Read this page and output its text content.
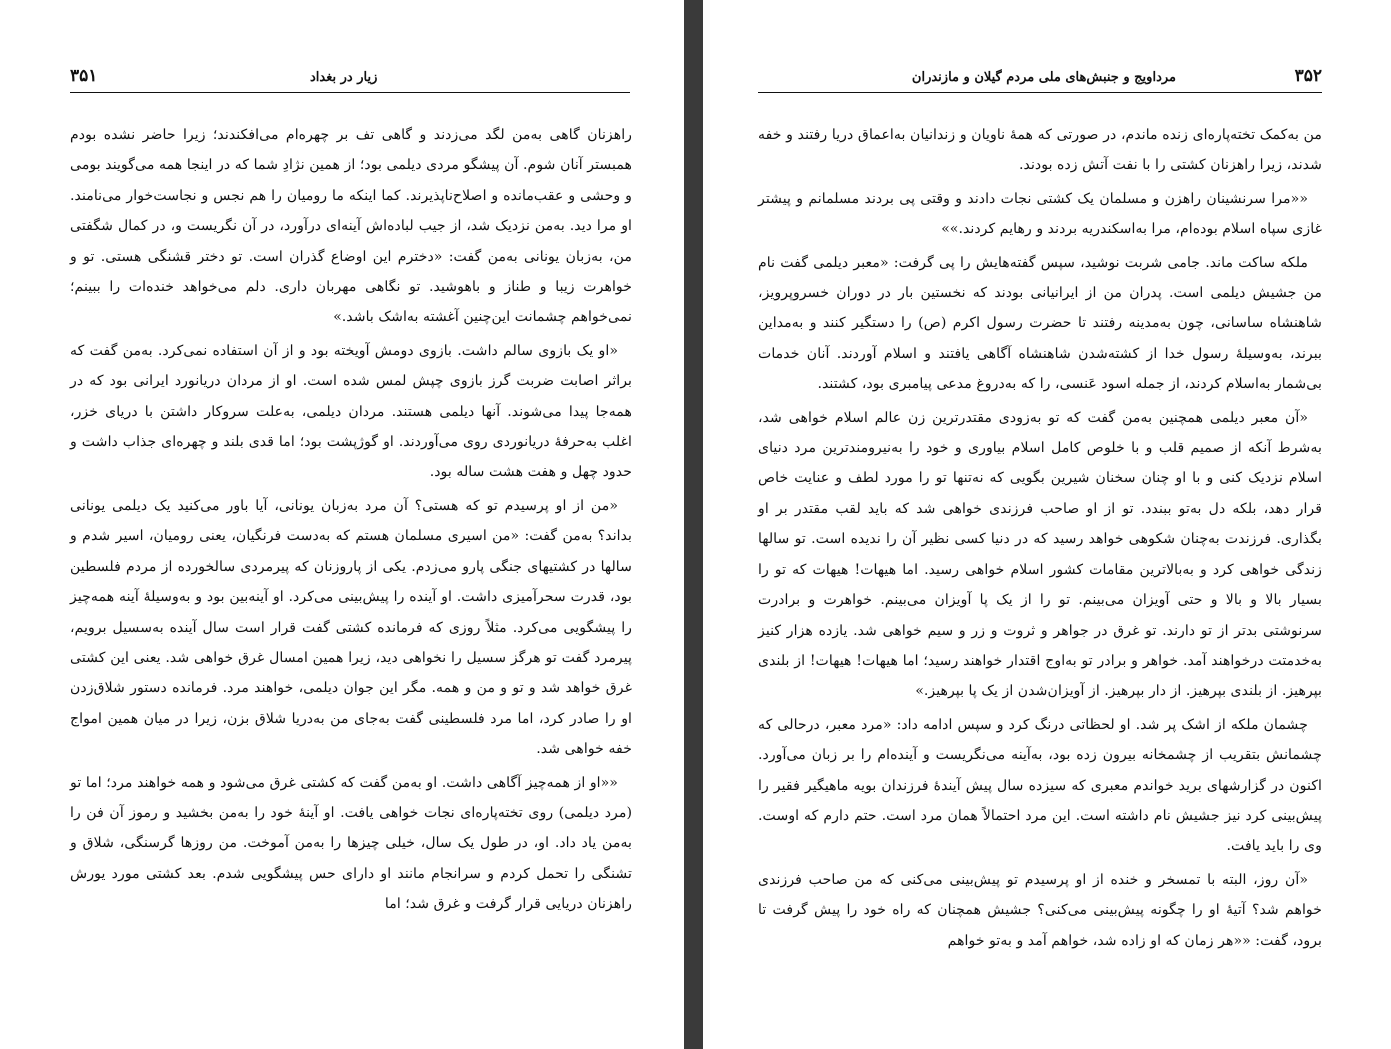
۳۵۱	زیار در بغداد

راهزنان گاهی به‌من لگد می‌زدند و گاهی تف بر چهره‌ام می‌افکندند؛ زیرا حاضر نشده بودم همبستر آنان شوم. آن پیشگو مردی دیلمی بود؛ از همین نژادِ شما که در اینجا همه می‌گویند بومی و وحشی و عقب‌مانده و اصلاح‌ناپذیرند. کما اینکه ما رومیان را هم نجس و نجاست‌خوار می‌نامند. او مرا دید. به‌من نزدیک شد، از جیب لباده‌اش آینه‌ای درآورد، در آن نگریست و، در کمال شگفتی من، به‌زبان یونانی به‌من گفت: «دخترم این اوضاع گذران است. تو دختر قشنگی هستی. تو و خواهرت زیبا و طناز و باهوشید. تو نگاهی مهربان داری. دلم می‌خواهد خنده‌ات را ببینم؛ نمی‌خواهم چشمانت این‌چنین آغشته به‌اشک باشد.»

«او یک بازوی سالم داشت. بازوی دومش آویخته بود و از آن استفاده نمی‌کرد. به‌من گفت که براثر اصابت ضربت گرز بازوی چپش لمس شده است. او از مردان دریانورد ایرانی بود که در همه‌جا پیدا می‌شوند. آنها دیلمی هستند. مردان دیلمی، به‌علت سروکار داشتن با دریای خزر، اغلب به‌حرفهٔ دریانوردی روی می‌آوردند. او گوژپشت بود؛ اما قدی بلند و چهره‌ای جذاب داشت و حدود چهل و هفت هشت ساله بود.

«من از او پرسیدم تو که هستی؟ آن مرد به‌زبان یونانی، آیا باور می‌کنید یک دیلمی یونانی بداند؟ به‌من گفت: «من اسیری مسلمان هستم که به‌دست فرنگیان، یعنی رومیان، اسیر شدم و سالها در کشتیهای جنگی پارو می‌زدم. یکی از پاروزنان که پیرمردی سالخورده از مردم فلسطین بود، قدرت سحرآمیزی داشت. او آینده را پیش‌بینی می‌کرد. او آینه‌بین بود و به‌وسیلهٔ آینه همه‌چیز را پیشگویی می‌کرد. مثلاً روزی که فرمانده کشتی گفت قرار است سال آینده به‌سسیل برویم، پیرمرد گفت تو هرگز سسیل را نخواهی دید، زیرا همین امسال غرق خواهی شد. یعنی این کشتی غرق خواهد شد و تو و من و همه. مگر این جوان دیلمی، خواهند مرد. فرمانده دستور شلاق‌زدن او را صادر کرد، اما مرد فلسطینی گفت به‌جای من به‌دریا شلاق بزن، زیرا در میان همین امواج خفه خواهی شد.

««او از همه‌چیز آگاهی داشت. او به‌من گفت که کشتی غرق می‌شود و همه خواهند مرد؛ اما تو (مرد دیلمی) روی تخته‌پاره‌ای نجات خواهی یافت. او آینهٔ خود را به‌من بخشید و رموز آن فن را به‌من یاد داد. او، در طول یک سال، خیلی چیزها را به‌من آموخت. من روزها گرسنگی، شلاق و تشنگی را تحمل کردم و سرانجام مانند او دارای حس پیشگویی شدم. بعد کشتی مورد یورش راهزنان دریایی قرار گرفت و غرق شد؛ اما

۳۵۲
مرداویج و جنبش‌های ملی مردم گیلان و مازندران

من به‌کمک تخته‌پاره‌ای زنده ماندم، در صورتی که همهٔ ناویان و زندانیان به‌اعماق دریا رفتند و خفه شدند، زیرا راهزنان کشتی را با نفت آتش زده بودند.

««مرا سرنشینان راهزن و مسلمان یک کشتی نجات دادند و وقتی پی بردند مسلمانم و پیشتر غازی سپاه اسلام بوده‌ام، مرا به‌اسکندریه بردند و رهایم کردند.»»

ملکه ساکت ماند. جامی شربت نوشید، سپس گفته‌هایش را پی گرفت: «معبر دیلمی گفت نام من جشیش دیلمی است. پدران من از ایرانیانی بودند که نخستین بار در دوران خسروپرویز، شاهنشاه ساسانی، چون به‌مدینه رفتند تا حضرت رسول اکرم (ص) را دستگیر کنند و به‌مداین ببرند، به‌وسیلهٔ رسول خدا از کشته‌شدن شاهنشاه آگاهی یافتند و اسلام آوردند. آنان خدمات بی‌شمار به‌اسلام کردند، از جمله اسود عَنسی، را که به‌دروغ مدعی پیامبری بود، کشتند.

«آن معبر دیلمی همچنین به‌من گفت که تو به‌زودی مقتدرترین زن عالم اسلام خواهی شد، به‌شرط آنکه از صمیم قلب و با خلوص کامل اسلام بیاوری و خود را به‌نیرومندترین مرد دنیای اسلام نزدیک کنی و با او چنان سخنان شیرین بگویی که نه‌تنها تو را مورد لطف و عنایت خاص قرار دهد، بلکه دل به‌تو ببندد. تو از او صاحب فرزندی خواهی شد که باید لقب مقتدر بر او بگذاری. فرزندت به‌چنان شکوهی خواهد رسید که در دنیا کسی نظیر آن را ندیده است. تو سالها زندگی خواهی کرد و به‌بالاترین مقامات کشور اسلام خواهی رسید. اما هیهات! هیهات که تو را بسیار بالا و بالا و حتی آویزان می‌بینم. تو را از یک پا آویزان می‌بینم. خواهرت و برادرت سرنوشتی بدتر از تو دارند. تو غرق در جواهر و ثروت و زر و سیم خواهی شد. یازده هزار کنیز به‌خدمتت درخواهند آمد. خواهر و برادر تو به‌اوج اقتدار خواهند رسید؛ اما هیهات! هیهات! از بلندی بپرهیز. از بلندی بپرهیز. از دار بپرهیز. از آویزان‌شدن از یک پا بپرهیز.»

چشمان ملکه از اشک پر شد. او لحظاتی درنگ کرد و سپس ادامه داد: «مرد معبر، درحالی که چشمانش بتقریب از چشمخانه بیرون زده بود، به‌آینه می‌نگریست و آینده‌ام را بر زبان می‌آورد. اکنون در گزارشهای برید خواندم معبری که سیزده سال پیش آیندهٔ فرزندان بویه ماهیگیر فقیر را پیش‌بینی کرد نیز جشیش نام داشته است. این مرد احتمالاً همان مرد است. حتم دارم که اوست. وی را باید یافت.

«آن روز، البته با تمسخر و خنده از او پرسیدم تو پیش‌بینی می‌کنی که من صاحب فرزندی خواهم شد؟ آتیهٔ او را چگونه پیش‌بینی می‌کنی؟ جشیش همچنان که راه خود را پیش گرفت تا برود، گفت: ««هر زمان که او زاده شد، خواهم آمد و به‌تو خواهم
